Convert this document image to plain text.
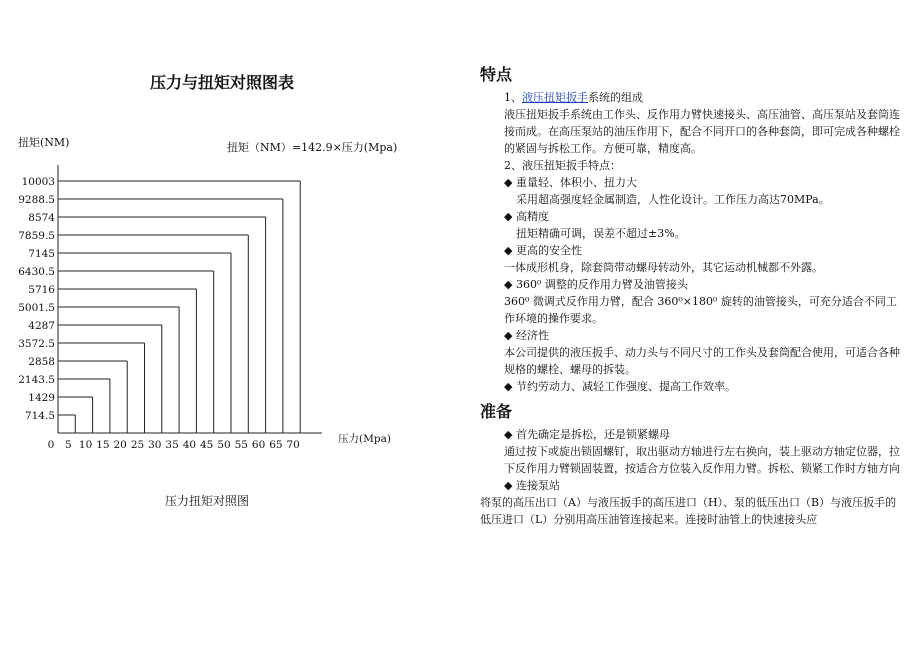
压力与扭矩对照图表
扭矩(NM)	扭矩（NM）=142.9×压力(Mpa)
714.5
1429
2143.5
2858
3572.5
4287
5001.5
5716
6430.5
7145
7859.5
8574
9288.5
10003
0 5 10 15 20 25 30 35 40 45 50 55 60 65 70	压力(Mpa)
压力扭矩对照图

特点

1、液压扭矩扳手系统的组成

液压扭矩扳手系统由工作头、反作用力臂快速接头、高压油管、高压泵站及套筒连接而成。在高压泵站的油压作用下，配合不同开口的各种套筒，即可完成各种螺栓的紧固与拆松工作。方便可靠，精度高。

2、液压扭矩扳手特点：

◆ 重量轻、体积小、扭力大

采用超高强度轻金属制造，人性化设计。工作压力高达70MPa。

◆ 高精度

扭矩精确可调，误差不超过±3%。

◆ 更高的安全性

一体成形机身，除套筒带动螺母转动外，其它运动机械都不外露。

◆ 360⁰ 调整的反作用力臂及油管接头

360⁰ 微调式反作用力臂，配合 360⁰×180⁰ 旋转的油管接头，可充分适合不同工作环境的操作要求。

◆ 经济性

本公司提供的液压扳手、动力头与不同尺寸的工作头及套筒配合使用，可适合各种规格的螺栓、螺母的拆装。

◆ 节约劳动力、减轻工作强度、提高工作效率。

准备

◆ 首先确定是拆松，还是锁紧螺母

通过按下或旋出锁固螺钉，取出驱动方轴进行左右换向，装上驱动方轴定位器，拉下反作用力臂锁固装置，按适合方位装入反作用力臂。拆松、锁紧工作时方轴方向

◆ 连接泵站

将泵的高压出口（A）与液压扳手的高压进口（H）、泵的低压出口（B）与液压扳手的低压进口（L）分别用高压油管连接起来。连接时油管上的快速接头应
